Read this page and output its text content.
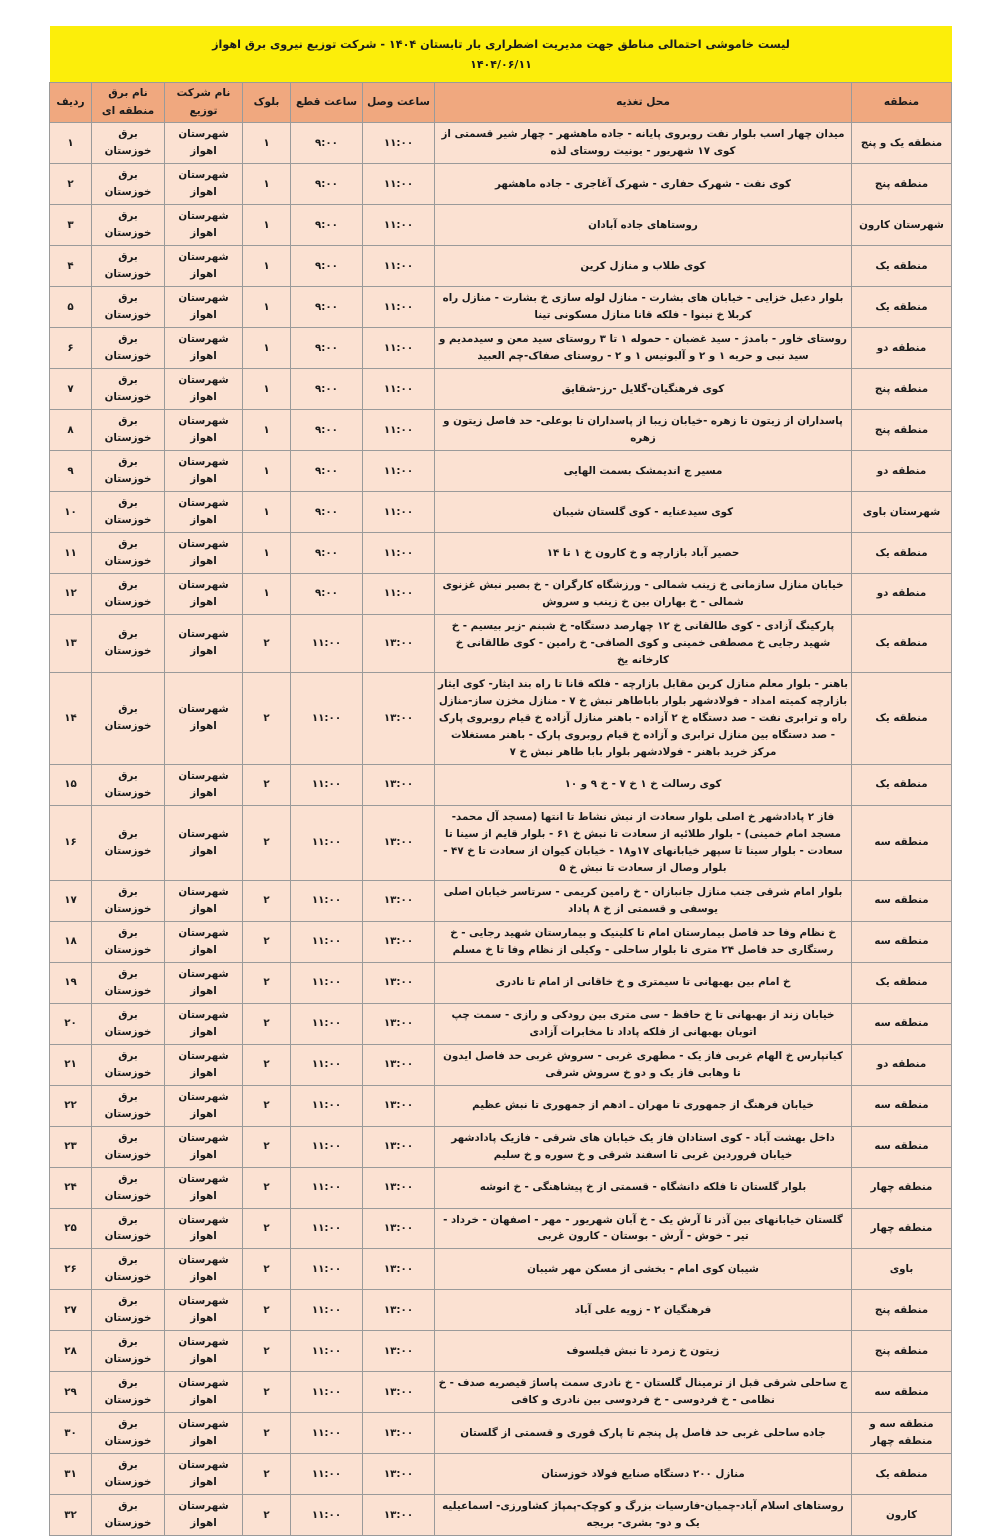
لیست خاموشی احتمالی مناطق جهت مدیریت اضطراری بار تابستان ۱۴۰۴ - شرکت توزیع نیروی برق اهواز
۱۴۰۴/۰۶/۱۱
منطقه	محل تغذیه	ساعت وصل	ساعت قطع	بلوک	نام شرکت توزیع	نام برق منطقه ای	ردیف
منطقه یک و پنج	میدان چهار اسب بلوار نفت روبروی پایانه - جاده ماهشهر - چهار شیر قسمتی از کوی ۱۷ شهریور - یونیت روستای لذه	۱۱:۰۰	۹:۰۰	۱	شهرستان اهواز	برق خوزستان	۱
منطقه پنج	کوی نفت - شهرک حفاری - شهرک آغاجری - جاده ماهشهر	۱۱:۰۰	۹:۰۰	۱	شهرستان اهواز	برق خوزستان	۲
شهرستان کارون	روستاهای جاده آبادان	۱۱:۰۰	۹:۰۰	۱	شهرستان اهواز	برق خوزستان	۳
منطقه یک	کوی طلاب و منازل کرین	۱۱:۰۰	۹:۰۰	۱	شهرستان اهواز	برق خوزستان	۴
منطقه یک	بلوار دعبل خزایی - خیابان های بشارت - منازل لوله سازی خ بشارت - منازل راه کربلا خ نینوا - فلکه قانا منازل مسکونی تینا	۱۱:۰۰	۹:۰۰	۱	شهرستان اهواز	برق خوزستان	۵
منطقه دو	روستای خاور - بامدژ - سید غضبان - حموله ۱ تا ۳ روستای سید معن و سیدمدیم و سید نبی و حریه ۱ و ۲ و آلبونیس ۱ و ۲ - روستای صفاک-چم العبید	۱۱:۰۰	۹:۰۰	۱	شهرستان اهواز	برق خوزستان	۶
منطقه پنج	کوی فرهنگیان-گلایل -رز-شقایق	۱۱:۰۰	۹:۰۰	۱	شهرستان اهواز	برق خوزستان	۷
منطقه پنج	پاسداران از زیتون تا زهره -خیابان زیبا از پاسداران تا بوعلی- حد فاصل زیتون و زهره	۱۱:۰۰	۹:۰۰	۱	شهرستان اهواز	برق خوزستان	۸
منطقه دو	مسیر ج اندیمشک بسمت الهایی	۱۱:۰۰	۹:۰۰	۱	شهرستان اهواز	برق خوزستان	۹
شهرستان باوی	کوی سیدعنایه - کوی گلستان شیبان	۱۱:۰۰	۹:۰۰	۱	شهرستان اهواز	برق خوزستان	۱۰
منطقه یک	حصیر آباد بازارچه و خ کارون خ ۱ تا ۱۴	۱۱:۰۰	۹:۰۰	۱	شهرستان اهواز	برق خوزستان	۱۱
منطقه دو	خیابان منازل سازمانی خ زینب شمالی - ورزشگاه کارگران - خ بصیر نبش غزنوی شمالی - خ بهاران بین خ زینب و سروش	۱۱:۰۰	۹:۰۰	۱	شهرستان اهواز	برق خوزستان	۱۲
منطقه یک	پارکینگ آزادی - کوی طالقانی خ ۱۲ چهارصد دستگاه- خ شبنم -زیر بیسیم - خ شهید رجایی خ مصطفی خمینی و کوی الصافی- خ رامین - کوی طالقانی خ کارخانه یخ	۱۳:۰۰	۱۱:۰۰	۲	شهرستان اهواز	برق خوزستان	۱۳
منطقه یک	باهنر - بلوار معلم منازل کربن مقابل بازارچه - فلکه قانا تا راه بند ایثار- کوی ایثار بازارچه کمیته امداد - فولادشهر بلوار باباطاهر نبش خ ۷ - منازل مخزن ساز-منازل راه و ترابری نفت - صد دستگاه خ ۲ آزاده - باهنر منازل آزاده خ قیام روبروی پارک - صد دستگاه بین منازل ترابری و آزاده خ قیام روبروی پارک - باهنر مستغلات مرکز خرید باهنر - فولادشهر بلوار بابا طاهر نبش خ ۷	۱۳:۰۰	۱۱:۰۰	۲	شهرستان اهواز	برق خوزستان	۱۴
منطقه یک	کوی رسالت خ ۱ خ ۷ - خ ۹ و ۱۰	۱۳:۰۰	۱۱:۰۰	۲	شهرستان اهواز	برق خوزستان	۱۵
منطقه سه	فاز ۲ پادادشهر خ اصلی بلوار سعادت از نبش نشاط تا انتها (مسجد آل محمد- مسجد امام خمینی) - بلوار طلائیه از سعادت تا نبش خ ۶۱ - بلوار قایم از سینا تا سعادت - بلوار سینا تا سپهر خیابانهای ۱۷و۱۸ - خیابان کیوان از سعادت تا خ ۴۷ - بلوار وصال از سعادت تا نبش خ ۵	۱۳:۰۰	۱۱:۰۰	۲	شهرستان اهواز	برق خوزستان	۱۶
منطقه سه	بلوار امام شرقی جنب منازل جانبازان - خ رامین کریمی - سرتاسر خیابان اصلی یوسفی و قسمتی از خ ۸ پاداد	۱۳:۰۰	۱۱:۰۰	۲	شهرستان اهواز	برق خوزستان	۱۷
منطقه سه	خ نظام وفا حد فاصل بیمارستان امام تا کلینیک و بیمارستان شهید رجایی - خ رستگاری حد فاصل ۲۴ متری تا بلوار ساحلی - وکیلی از نظام وفا تا خ مسلم	۱۳:۰۰	۱۱:۰۰	۲	شهرستان اهواز	برق خوزستان	۱۸
منطقه یک	خ امام بین بهبهانی تا سیمتری و خ خاقانی از امام تا نادری	۱۳:۰۰	۱۱:۰۰	۲	شهرستان اهواز	برق خوزستان	۱۹
منطقه سه	خیابان زند از بهبهانی تا خ حافظ - سی متری بین رودکی و رازی - سمت چپ اتوبان بهبهانی از فلکه پاداد تا مخابرات آزادی	۱۳:۰۰	۱۱:۰۰	۲	شهرستان اهواز	برق خوزستان	۲۰
منطقه دو	کیانپارس خ الهام غربی فاز یک - مطهری غربی - سروش غربی حد فاصل ایدون تا وهابی فاز یک و دو خ سروش شرقی	۱۳:۰۰	۱۱:۰۰	۲	شهرستان اهواز	برق خوزستان	۲۱
منطقه سه	خیابان فرهنگ از جمهوری تا مهران ـ ادهم از جمهوری تا نبش عظیم	۱۳:۰۰	۱۱:۰۰	۲	شهرستان اهواز	برق خوزستان	۲۲
منطقه سه	داخل بهشت آباد - کوی استادان فاز یک خیابان های شرقی - فازیک پادادشهر خیابان فروردین غربی تا اسفند شرقی و خ سوره و خ سلیم	۱۳:۰۰	۱۱:۰۰	۲	شهرستان اهواز	برق خوزستان	۲۳
منطقه چهار	بلوار گلستان تا فلکه دانشگاه - قسمتی از خ پیشاهنگی - خ انوشه	۱۳:۰۰	۱۱:۰۰	۲	شهرستان اهواز	برق خوزستان	۲۴
منطقه چهار	گلستان خیابانهای بین آذر تا آرش یک - خ آبان شهریور - مهر - اصفهان - خرداد - تیر - خوش - آرش - بوستان - کارون غربی	۱۳:۰۰	۱۱:۰۰	۲	شهرستان اهواز	برق خوزستان	۲۵
باوی	شیبان کوی امام - بخشی از مسکن مهر شیبان	۱۳:۰۰	۱۱:۰۰	۲	شهرستان اهواز	برق خوزستان	۲۶
منطقه پنج	فرهنگیان ۲ - زویه علی آباد	۱۳:۰۰	۱۱:۰۰	۲	شهرستان اهواز	برق خوزستان	۲۷
منطقه پنج	زیتون خ زمرد تا نبش فیلسوف	۱۳:۰۰	۱۱:۰۰	۲	شهرستان اهواز	برق خوزستان	۲۸
منطقه سه	ج ساحلی شرقی قبل از ترمینال گلستان - خ نادری سمت پاساژ قیصریه صدف - خ نظامی - خ فردوسی - خ فردوسی بین نادری و کافی	۱۳:۰۰	۱۱:۰۰	۲	شهرستان اهواز	برق خوزستان	۲۹
منطقه سه و منطقه چهار	جاده ساحلی غربی حد فاصل پل پنجم تا پارک قوری و قسمتی از گلستان	۱۳:۰۰	۱۱:۰۰	۲	شهرستان اهواز	برق خوزستان	۳۰
منطقه یک	منازل ۲۰۰ دستگاه صنایع فولاد خوزستان	۱۳:۰۰	۱۱:۰۰	۲	شهرستان اهواز	برق خوزستان	۳۱
کارون	روستاهای اسلام آباد-چمیان-فارسیات بزرگ و کوچک-پمپاژ کشاورزی- اسماعیلیه یک و دو- بشری- بریجه	۱۳:۰۰	۱۱:۰۰	۲	شهرستان اهواز	برق خوزستان	۳۲
